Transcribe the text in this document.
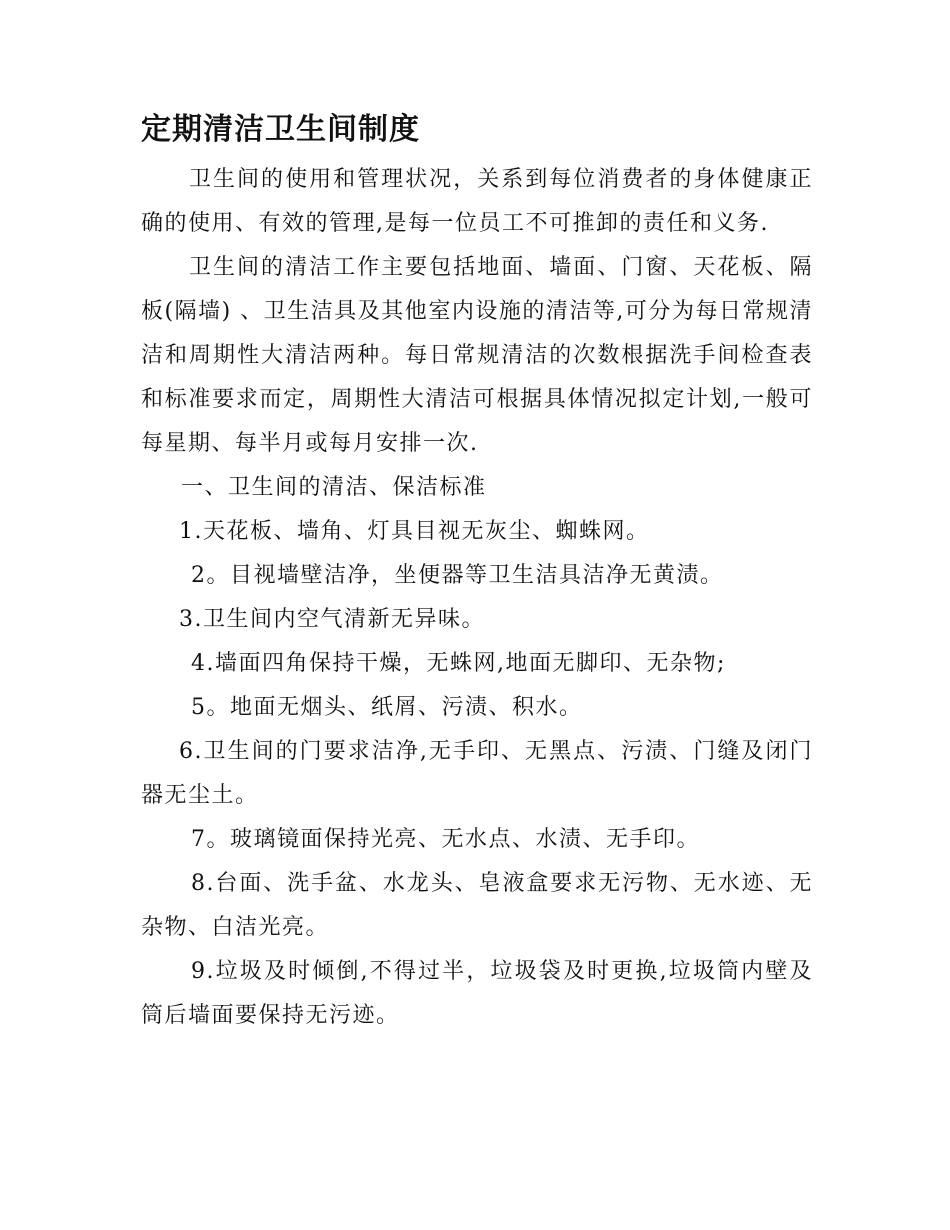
定期清洁卫生间制度

卫生间的使用和管理状况，关系到每位消费者的身体健康正确的使用、有效的管理,是每一位员工不可推卸的责任和义务.

卫生间的清洁工作主要包括地面、墙面、门窗、天花板、隔板(隔墙) 、卫生洁具及其他室内设施的清洁等,可分为每日常规清洁和周期性大清洁两种。每日常规清洁的次数根据洗手间检查表和标准要求而定，周期性大清洁可根据具体情况拟定计划,一般可每星期、每半月或每月安排一次.

一、卫生间的清洁、保洁标准

1.天花板、墙角、灯具目视无灰尘、蜘蛛网。

2。目视墙壁洁净，坐便器等卫生洁具洁净无黄渍。

3.卫生间内空气清新无异味。

4.墙面四角保持干燥，无蛛网,地面无脚印、无杂物;

5。地面无烟头、纸屑、污渍、积水。

6.卫生间的门要求洁净,无手印、无黑点、污渍、门缝及闭门器无尘土。

7。玻璃镜面保持光亮、无水点、水渍、无手印。

8.台面、洗手盆、水龙头、皂液盒要求无污物、无水迹、无杂物、白洁光亮。

9.垃圾及时倾倒,不得过半，垃圾袋及时更换,垃圾筒内壁及筒后墙面要保持无污迹。
